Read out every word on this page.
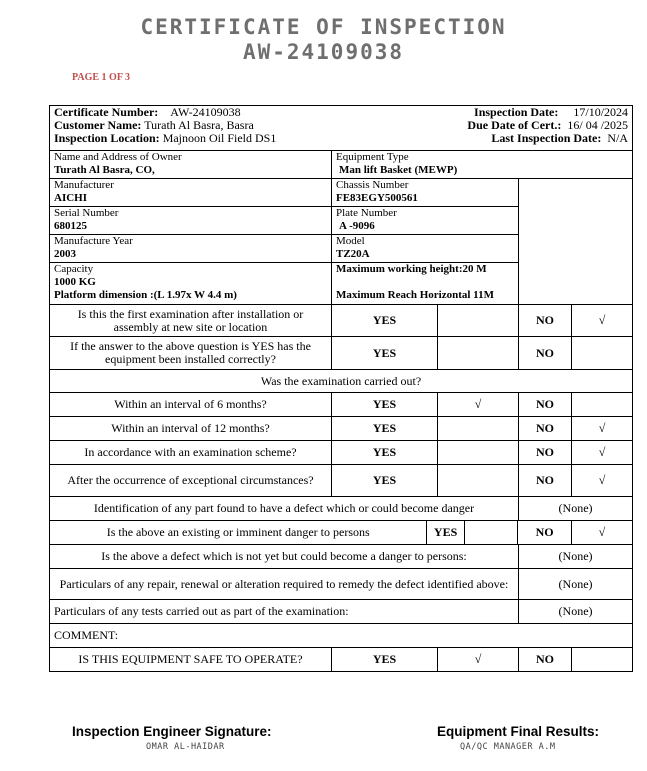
CERTIFICATE OF INSPECTION
AW-24109038
PAGE 1 OF 3
Certificate Number: AW-24109038
Customer Name: Turath Al Basra, Basra
Inspection Location: Majnoon Oil Field DS1
Inspection Date: 17/10/2024
Due Date of Cert.: 16/ 04 /2025
Last Inspection Date: N/A

Name and Address of Owner
Turath Al Basra, CO,

Equipment Type
Man lift Basket (MEWP)

Manufacturer
AICHI

Chassis Number
FE83EGY500561

Serial Number
680125

Plate Number
A -9096

Manufacture Year
2003

Model
TZ20A

Capacity
1000 KG
Platform dimension :(L 1.97x W 4.4 m)

Maximum working height:20 M
Maximum Reach Horizontal 11M

Is this the first examination after installation or assembly at new site or location	YES		NO	√
If the answer to the above question is YES has the equipment been installed correctly?	YES		NO	
Was the examination carried out?
Within an interval of 6 months?	YES	√	NO	
Within an interval of 12 months?	YES		NO	√
In accordance with an examination scheme?	YES		NO	√
After the occurrence of exceptional circumstances?	YES		NO	√
Identification of any part found to have a defect which or could become danger	(None)

Is the above an existing or imminent danger to persons	YES		NO	√

Is the above a defect which is not yet but could become a danger to persons:	(None)
Particulars of any repair, renewal or alteration required to remedy the defect identified above:	(None)
Particulars of any tests carried out as part of the examination:	(None)
COMMENT:
IS THIS EQUIPMENT SAFE TO OPERATE?	YES	√	NO	
Inspection Engineer Signature:
OMAR AL-HAIDAR
Equipment Final Results:
QA/QC MANAGER A.M
